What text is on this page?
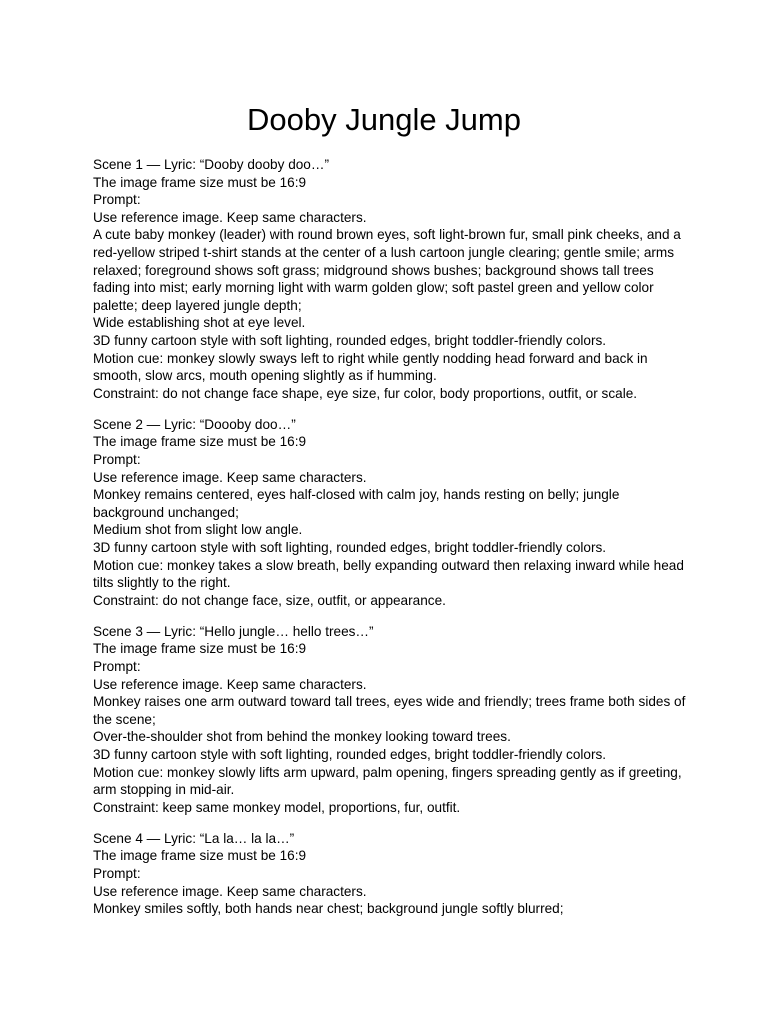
Dooby Jungle Jump

Scene 1 — Lyric: “Dooby dooby doo…”

The image frame size must be 16:9

Prompt:

Use reference image. Keep same characters.

A cute baby monkey (leader) with round brown eyes, soft light-brown fur, small pink cheeks, and a red-yellow striped t-shirt stands at the center of a lush cartoon jungle clearing; gentle smile; arms relaxed; foreground shows soft grass; midground shows bushes; background shows tall trees fading into mist; early morning light with warm golden glow; soft pastel green and yellow color palette; deep layered jungle depth;

Wide establishing shot at eye level.

3D funny cartoon style with soft lighting, rounded edges, bright toddler-friendly colors.

Motion cue: monkey slowly sways left to right while gently nodding head forward and back in smooth, slow arcs, mouth opening slightly as if humming.

Constraint: do not change face shape, eye size, fur color, body proportions, outfit, or scale.

Scene 2 — Lyric: “Doooby doo…”

The image frame size must be 16:9

Prompt:

Use reference image. Keep same characters.

Monkey remains centered, eyes half-closed with calm joy, hands resting on belly; jungle background unchanged;

Medium shot from slight low angle.

3D funny cartoon style with soft lighting, rounded edges, bright toddler-friendly colors.

Motion cue: monkey takes a slow breath, belly expanding outward then relaxing inward while head tilts slightly to the right.

Constraint: do not change face, size, outfit, or appearance.

Scene 3 — Lyric: “Hello jungle… hello trees…”

The image frame size must be 16:9

Prompt:

Use reference image. Keep same characters.

Monkey raises one arm outward toward tall trees, eyes wide and friendly; trees frame both sides of the scene;

Over-the-shoulder shot from behind the monkey looking toward trees.

3D funny cartoon style with soft lighting, rounded edges, bright toddler-friendly colors.

Motion cue: monkey slowly lifts arm upward, palm opening, fingers spreading gently as if greeting, arm stopping in mid-air.

Constraint: keep same monkey model, proportions, fur, outfit.

Scene 4 — Lyric: “La la… la la…”

The image frame size must be 16:9

Prompt:

Use reference image. Keep same characters.

Monkey smiles softly, both hands near chest; background jungle softly blurred;
